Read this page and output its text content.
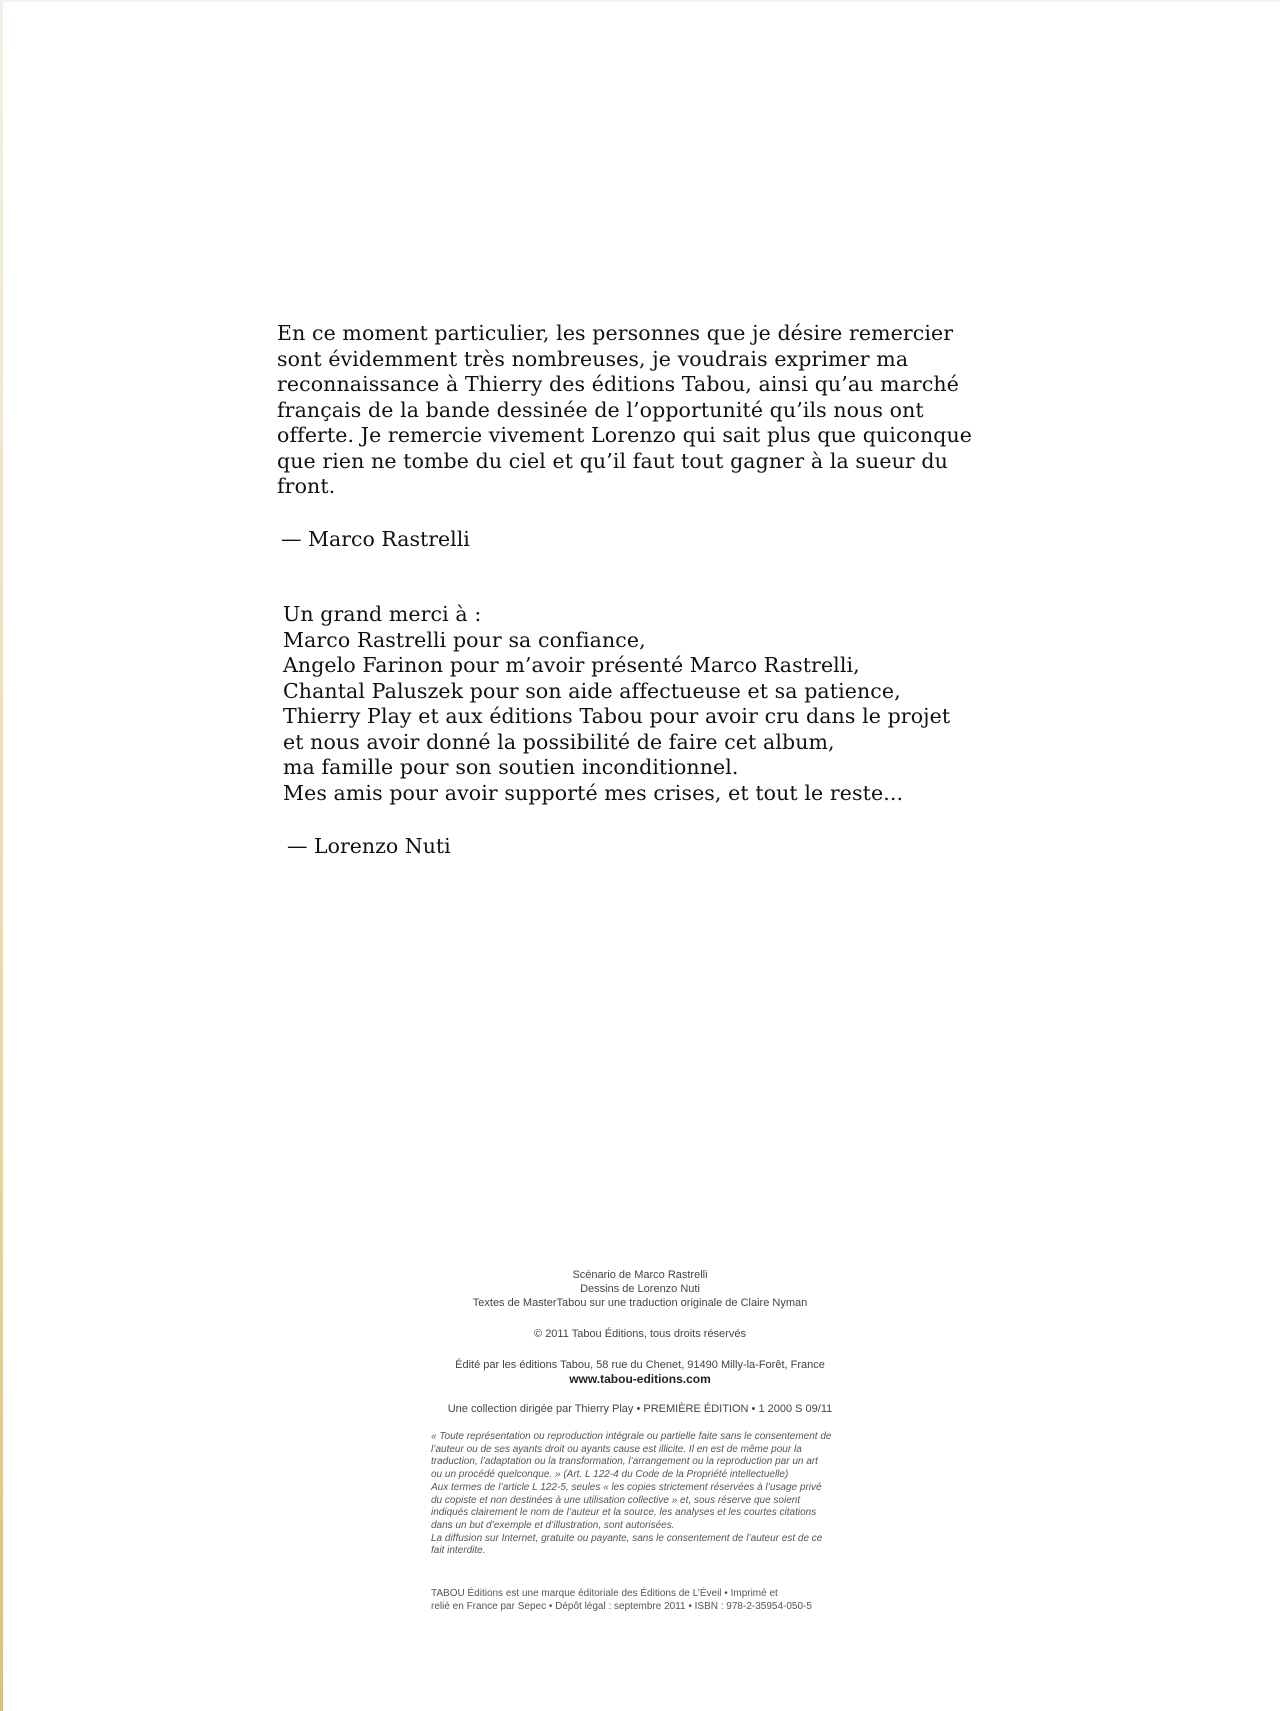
En ce moment particulier, les personnes que je désire remercier
sont évidemment très nombreuses, je voudrais exprimer ma
reconnaissance à Thierry des éditions Tabou, ainsi qu’au marché
français de la bande dessinée de l’opportunité qu’ils nous ont
offerte. Je remercie vivement Lorenzo qui sait plus que quiconque
que rien ne tombe du ciel et qu’il faut tout gagner à la sueur du
front.

— Marco Rastrelli

Un grand merci à :
Marco Rastrelli pour sa confiance,
Angelo Farinon pour m’avoir présenté Marco Rastrelli,
Chantal Paluszek pour son aide affectueuse et sa patience,
Thierry Play et aux éditions Tabou pour avoir cru dans le projet
et nous avoir donné la possibilité de faire cet album,
ma famille pour son soutien inconditionnel.
Mes amis pour avoir supporté mes crises, et tout le reste...

— Lorenzo Nuti

Scénario de Marco Rastrelli
Dessins de Lorenzo Nuti
Textes de MasterTabou sur une traduction originale de Claire Nyman
© 2011 Tabou Éditions, tous droits réservés
Édité par les éditions Tabou, 58 rue du Chenet, 91490 Milly-la-Forêt, France
www.tabou-editions.com
Une collection dirigée par Thierry Play • PREMIÈRE ÉDITION • 1 2000 S 09/11
« Toute représentation ou reproduction intégrale ou partielle faite sans le consentement de
l’auteur ou de ses ayants droit ou ayants cause est illicite. Il en est de même pour la
traduction, l’adaptation ou la transformation, l’arrangement ou la reproduction par un art
ou un procédé quelconque. » (Art. L 122-4 du Code de la Propriété intellectuelle)
Aux termes de l’article L 122-5, seules « les copies strictement réservées à l’usage privé
du copiste et non destinées à une utilisation collective » et, sous réserve que soient
indiqués clairement le nom de l’auteur et la source, les analyses et les courtes citations
dans un but d’exemple et d’illustration, sont autorisées.
La diffusion sur Internet, gratuite ou payante, sans le consentement de l’auteur est de ce
fait interdite.
TABOU Éditions est une marque éditoriale des Éditions de L’Éveil • Imprimé et
relié en France par Sepec • Dépôt légal : septembre 2011 • ISBN : 978-2-35954-050-5
